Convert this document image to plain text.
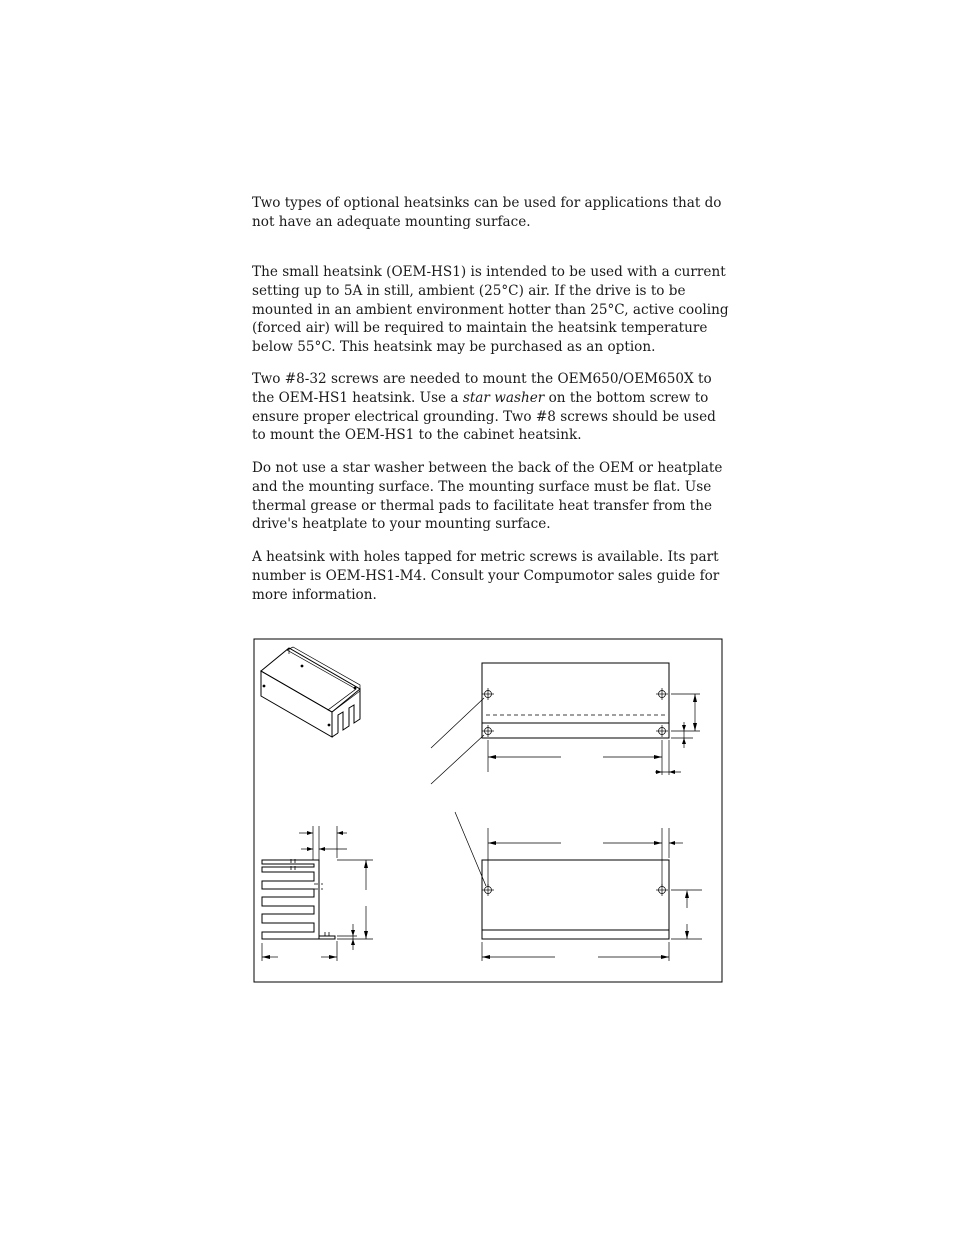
Two types of optional heatsinks can be used for applications that do not have an adequate mounting surface.

The small heatsink (OEM-HS1) is intended to be used with a current setting up to 5A in still, ambient (25°C) air. If the drive is to be mounted in an ambient environment hotter than 25°C, active cooling (forced air) will be required to maintain the heatsink temperature below 55°C. This heatsink may be purchased as an option.

Two #8-32 screws are needed to mount the OEM650/OEM650X to the OEM-HS1 heatsink. Use a star washer on the bottom screw to ensure proper electrical grounding. Two #8 screws should be used to mount the OEM-HS1 to the cabinet heatsink.

Do not use a star washer between the back of the OEM or heatplate and the mounting surface. The mounting surface must be flat. Use thermal grease or thermal pads to facilitate heat transfer from the drive's heatplate to your mounting surface.

A heatsink with holes tapped for metric screws is available. Its part number is OEM-HS1-M4. Consult your Compumotor sales guide for more information.
